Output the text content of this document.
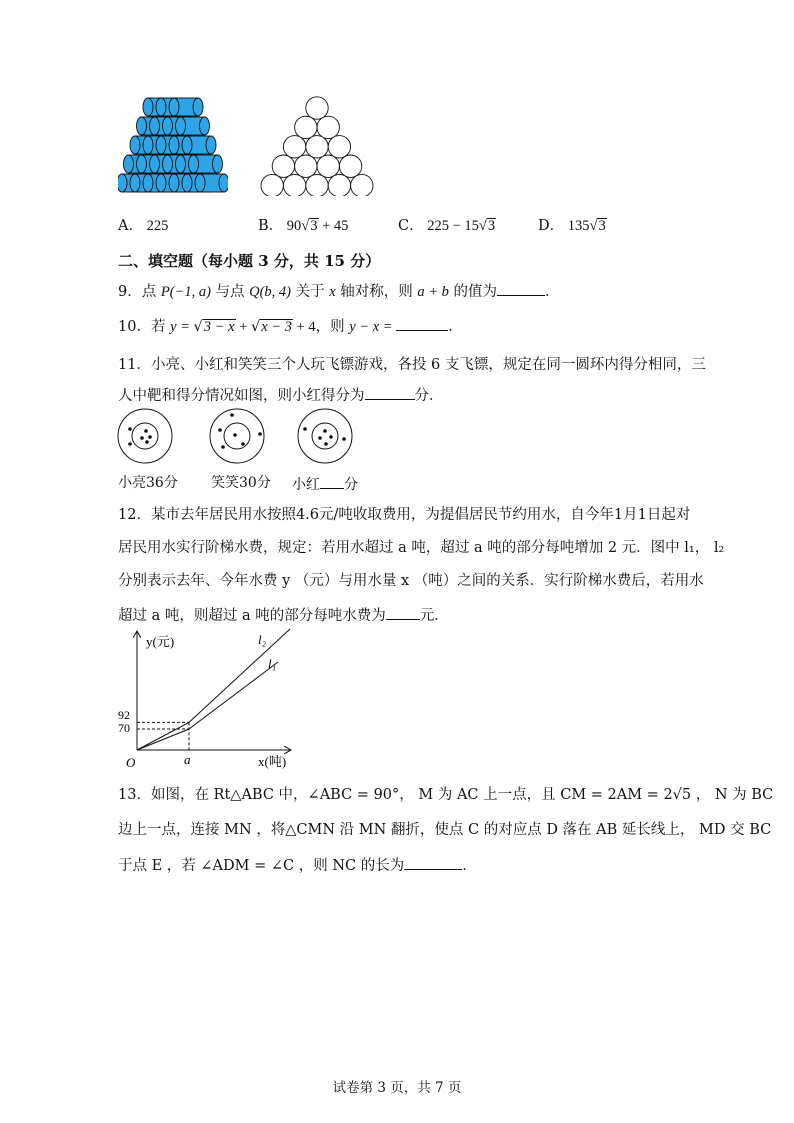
A． 225	B． 90√3 + 45	C． 225 − 15√3	D． 135√3
二、填空题（每小题 3 分，共 15 分）
9．点 P(−1, a) 与点 Q(b, 4) 关于 x 轴对称，则 a + b 的值为	．
10．若 y = √3 − x + √x − 3 + 4，则 y − x =	．
11．小亮、小红和笑笑三个人玩飞镖游戏，各投 6 支飞镖，规定在同一圆环内得分相同，三
人中靶和得分情况如图，则小红得分为	分．
小亮36分 笑笑30分 小红 分
12．某市去年居民用水按照4.6元/吨收取费用，为提倡居民节约用水，自今年1月1日起对
居民用水实行阶梯水费，规定：若用水超过 a 吨，超过 a 吨的部分每吨增加 2 元．图中 l₁， l₂
分别表示去年、今年水费 y （元）与用水量 x （吨）之间的关系．实行阶梯水费后，若用水
超过 a 吨，则超过 a 吨的部分每吨水费为 元．
y(元)
x(吨)
O	a
70
92
l₂
l₁
13．如图，在 Rt△ABC 中，∠ABC = 90°， M 为 AC 上一点，且 CM = 2AM = 2√5 ， N 为 BC
边上一点，连接 MN ，将△CMN 沿 MN 翻折，使点 C 的对应点 D 落在 AB 延长线上， MD 交 BC
于点 E ，若 ∠ADM = ∠C ，则 NC 的长为	．
试卷第 3 页，共 7 页
